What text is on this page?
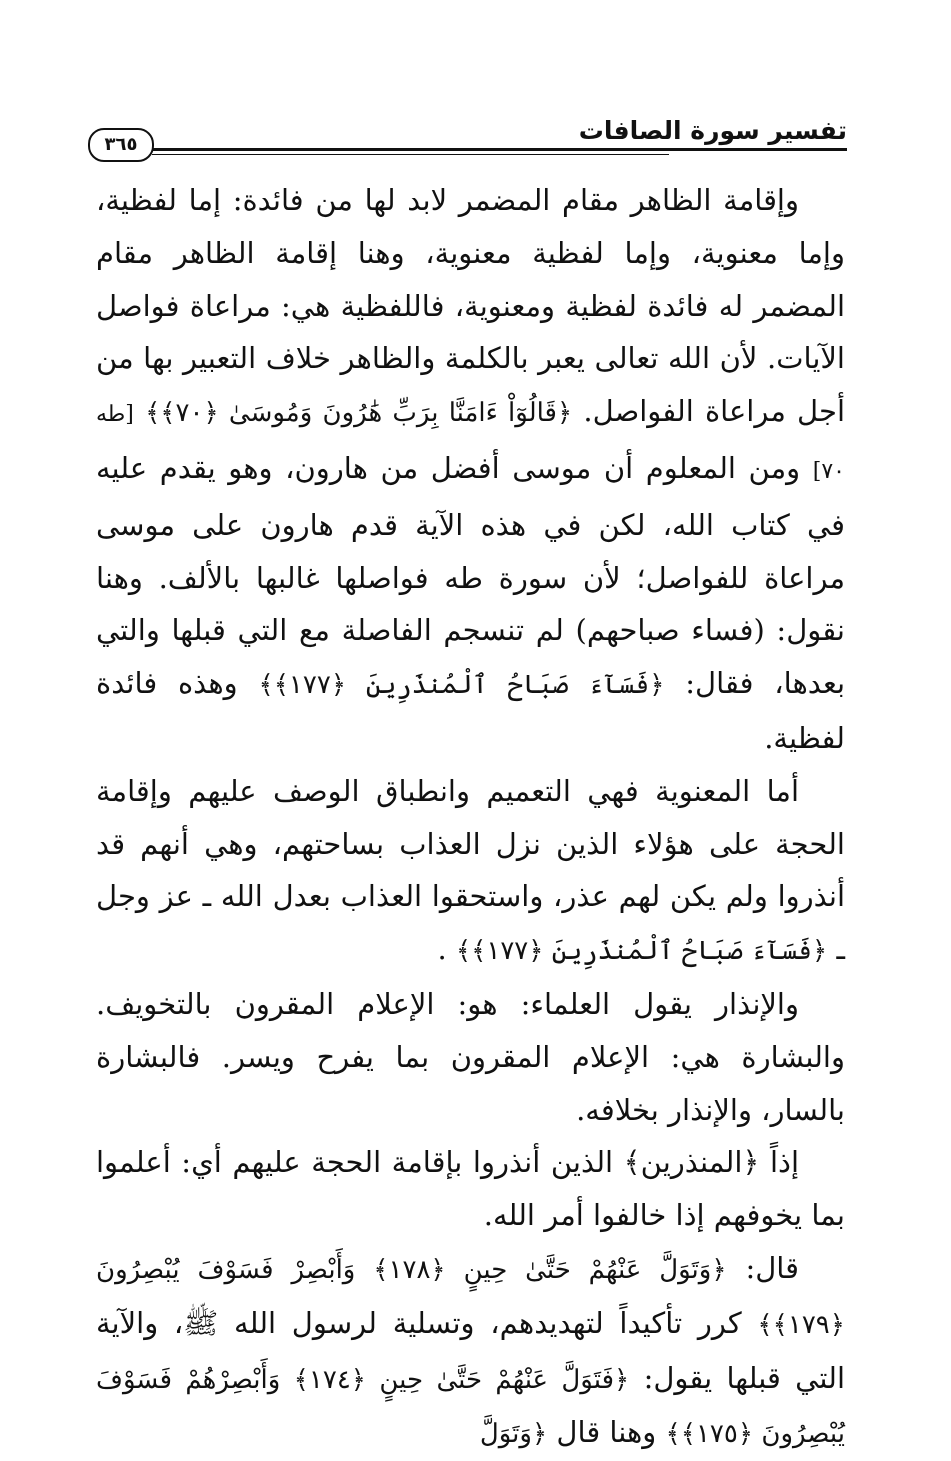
٣٦٥	تفسير سورة الصافات

وإقامة الظاهر مقام المضمر لابد لها من فائدة: إما لفظية، وإما معنوية، وإما لفظية معنوية، وهنا إقامة الظاهر مقام المضمر له فائدة لفظية ومعنوية، فاللفظية هي: مراعاة فواصل الآيات. لأن الله تعالى يعبر بالكلمة والظاهر خلاف التعبير بها من أجل مراعاة الفواصل. ﴿قَالُوٓاْ ءَامَنَّا بِرَبِّ هَٰرُونَ وَمُوسَىٰ ﴿٧٠﴾﴾ [طه ٧٠] ومن المعلوم أن موسى أفضل من هارون، وهو يقدم عليه في كتاب الله، لكن في هذه الآية قدم هارون على موسى مراعاة للفواصل؛ لأن سورة طه فواصلها غالبها بالألف. وهنا نقول: (فساء صباحهم) لم تنسجم الفاصلة مع التي قبلها والتي بعدها، فقال: ﴿فَسَآءَ صَبَاحُ ٱلْمُنذَرِينَ ﴿١٧٧﴾﴾ وهذه فائدة لفظية.

أما المعنوية فهي التعميم وانطباق الوصف عليهم وإقامة الحجة على هؤلاء الذين نزل العذاب بساحتهم، وهي أنهم قد أنذروا ولم يكن لهم عذر، واستحقوا العذاب بعدل الله ـ عز وجل ـ ﴿فَسَآءَ صَبَاحُ ٱلْمُنذَرِينَ ﴿١٧٧﴾﴾ .

والإنذار يقول العلماء: هو: الإعلام المقرون بالتخويف. والبشارة هي: الإعلام المقرون بما يفرح ويسر. فالبشارة بالسار، والإنذار بخلافه.

إذاً ﴿المنذرين﴾ الذين أنذروا بإقامة الحجة عليهم أي: أعلموا بما يخوفهم إذا خالفوا أمر الله.

قال: ﴿وَتَوَلَّ عَنْهُمْ حَتَّىٰ حِينٍ ﴿١٧٨﴾ وَأَبْصِرْ فَسَوْفَ يُبْصِرُونَ ﴿١٧٩﴾﴾ كرر تأكيداً لتهديدهم، وتسلية لرسول الله ﷺ، والآية التي قبلها يقول: ﴿فَتَوَلَّ عَنْهُمْ حَتَّىٰ حِينٍ ﴿١٧٤﴾ وَأَبْصِرْهُمْ فَسَوْفَ يُبْصِرُونَ ﴿١٧٥﴾﴾ وهنا قال ﴿وَتَوَلَّ
